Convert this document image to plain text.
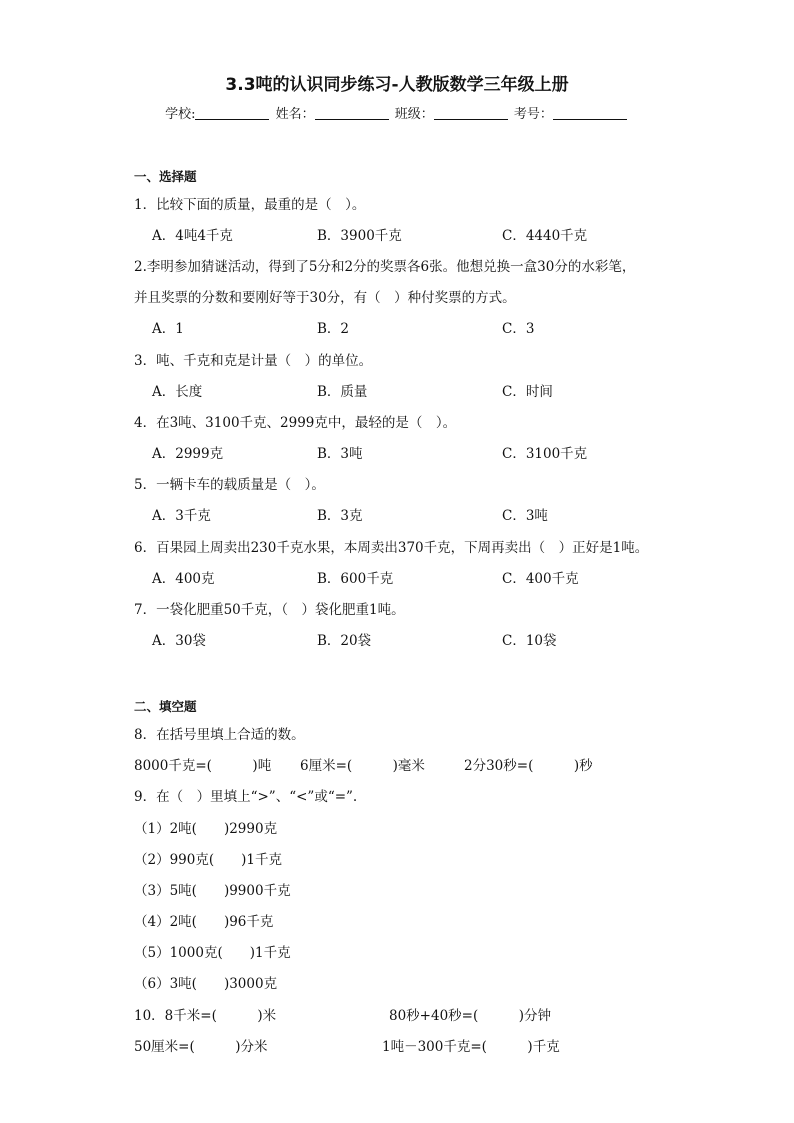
3.3吨的认识同步练习-人教版数学三年级上册
学校:	姓名：	班级：	考号：
一、选择题
1．比较下面的质量，最重的是（　）。
A．4吨4千克	B．3900千克	C．4440千克
2.李明参加猜谜活动，得到了5分和2分的奖票各6张。他想兑换一盒30分的水彩笔，
并且奖票的分数和要刚好等于30分，有（　）种付奖票的方式。
A．1	B．2	C．3
3．吨、千克和克是计量（　）的单位。
A．长度	B．质量	C．时间
4．在3吨、3100千克、2999克中，最轻的是（　）。
A．2999克	B．3吨	C．3100千克
5．一辆卡车的载质量是（　）。
A．3千克	B．3克	C．3吨
6．百果园上周卖出230千克水果，本周卖出370千克，下周再卖出（　）正好是1吨。
A．400克	B．600千克	C．400千克
7．一袋化肥重50千克，（　）袋化肥重1吨。
A．30袋	B．20袋	C．10袋
二、填空题
8．在括号里填上合适的数。
8000千克=(　　　)吨 6厘米=(　　　)毫米	2分30秒=(　　　)秒
9．在（　）里填上“>”、“<”或“=”.
（1）2吨(　　)2990克
（2）990克(　　)1千克
（3）5吨(　　)9900千克
（4）2吨(　　)96千克
（5）1000克(　　)1千克
（6）3吨(　　)3000克
10．8千米=(　　　)米	80秒+40秒=(　　　)分钟
50厘米=(　　　)分米	1吨－300千克=(　　　)千克
